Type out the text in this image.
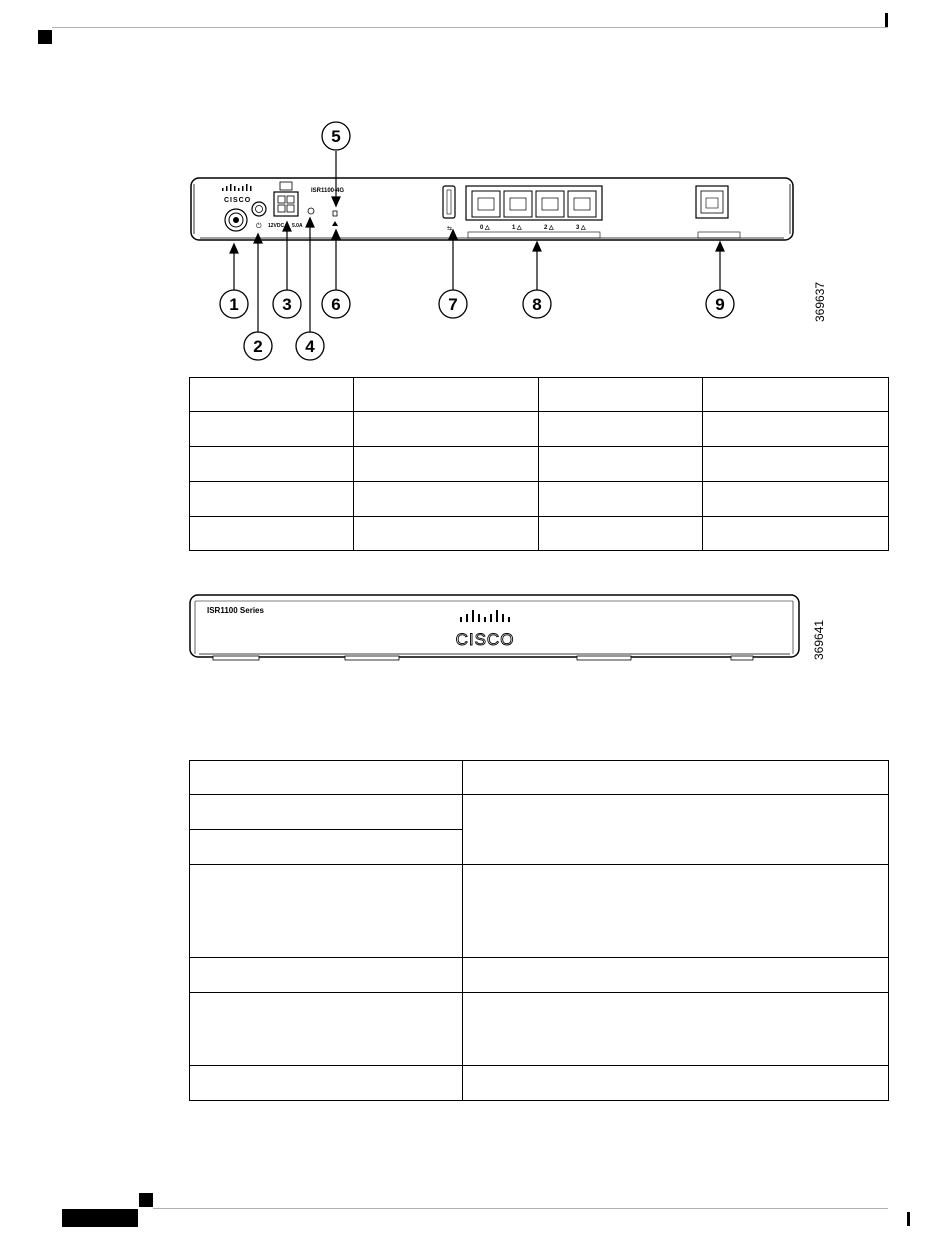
CISCO
⏻ 12VDC 5.0A
ISR1100-4G
⇆	0 △	1 △	2 △	3 △
1
2
3
4
5
6	7	8	9	369637

ISR1100 Series
CISCO	369641
